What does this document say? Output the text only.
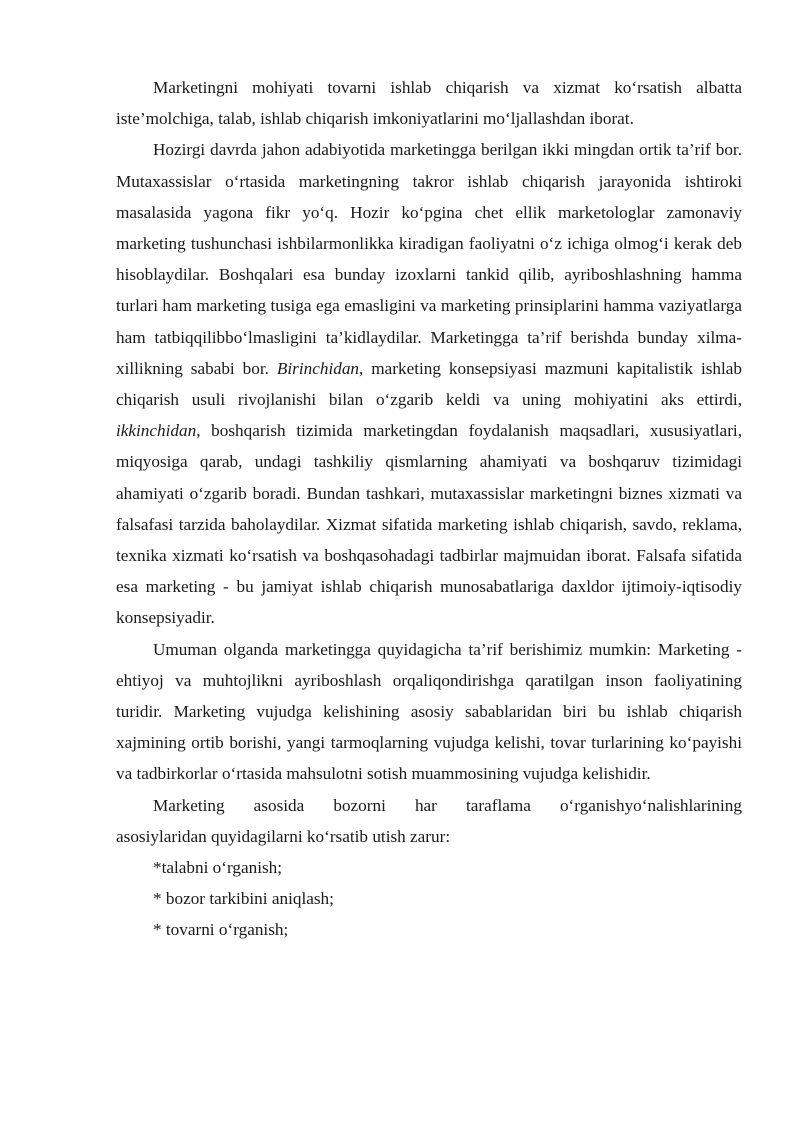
Marketingni mohiyati tovarni ishlab chiqarish va xizmat ko‘rsatish albatta iste’molchiga, talab, ishlab chiqarish imkoniyatlarini mo‘ljallashdan iborat.

Hozirgi davrda jahon adabiyotida marketingga berilgan ikki mingdan ortik ta’rif bor. Mutaxassislar o‘rtasida marketingning takror ishlab chiqarish jarayonida ishtiroki masalasida yagona fikr yo‘q. Hozir ko‘pgina chet ellik marketologlar zamonaviy marketing tushunchasi ishbilarmonlikka kiradigan faoliyatni o‘z ichiga olmog‘i kerak deb hisoblaydilar. Boshqalari esa bunday izoxlarni tankid qilib, ayriboshlashning hamma turlari ham marketing tusiga ega emasligini va marketing prinsiplarini hamma vaziyatlarga ham tatbiqqilibbo‘lmasligini ta’kidlaydilar. Marketingga ta’rif berishda bunday xilma-xillikning sababi bor. Birinchidan, marketing konsepsiyasi mazmuni kapitalistik ishlab chiqarish usuli rivojlanishi bilan o‘zgarib keldi va uning mohiyatini aks ettirdi, ikkinchidan, boshqarish tizimida marketingdan foydalanish maqsadlari, xususiyatlari, miqyosiga qarab, undagi tashkiliy qismlarning ahamiyati va boshqaruv tizimidagi ahamiyati o‘zgarib boradi. Bundan tashkari, mutaxassislar marketingni biznes xizmati va falsafasi tarzida baholaydilar. Xizmat sifatida marketing ishlab chiqarish, savdo, reklama, texnika xizmati ko‘rsatish va boshqasohadagi tadbirlar majmuidan iborat. Falsafa sifatida esa marketing - bu jamiyat ishlab chiqarish munosabatlariga daxldor ijtimoiy-iqtisodiy konsepsiyadir.

Umuman olganda marketingga quyidagicha ta’rif berishimiz mumkin: Marketing - ehtiyoj va muhtojlikni ayriboshlash orqaliqondirishga qaratilgan inson faoliyatining turidir. Marketing vujudga kelishining asosiy sabablaridan biri bu ishlab chiqarish xajmining ortib borishi, yangi tarmoqlarning vujudga kelishi, tovar turlarining ko‘payishi va tadbirkorlar o‘rtasida mahsulotni sotish muammosining vujudga kelishidir.

Marketing asosida bozorni har taraflama o‘rganishyo‘nalishlarining

asosiylaridan quyidagilarni ko‘rsatib utish zarur:

*talabni o‘rganish;

* bozor tarkibini aniqlash;

* tovarni o‘rganish;
